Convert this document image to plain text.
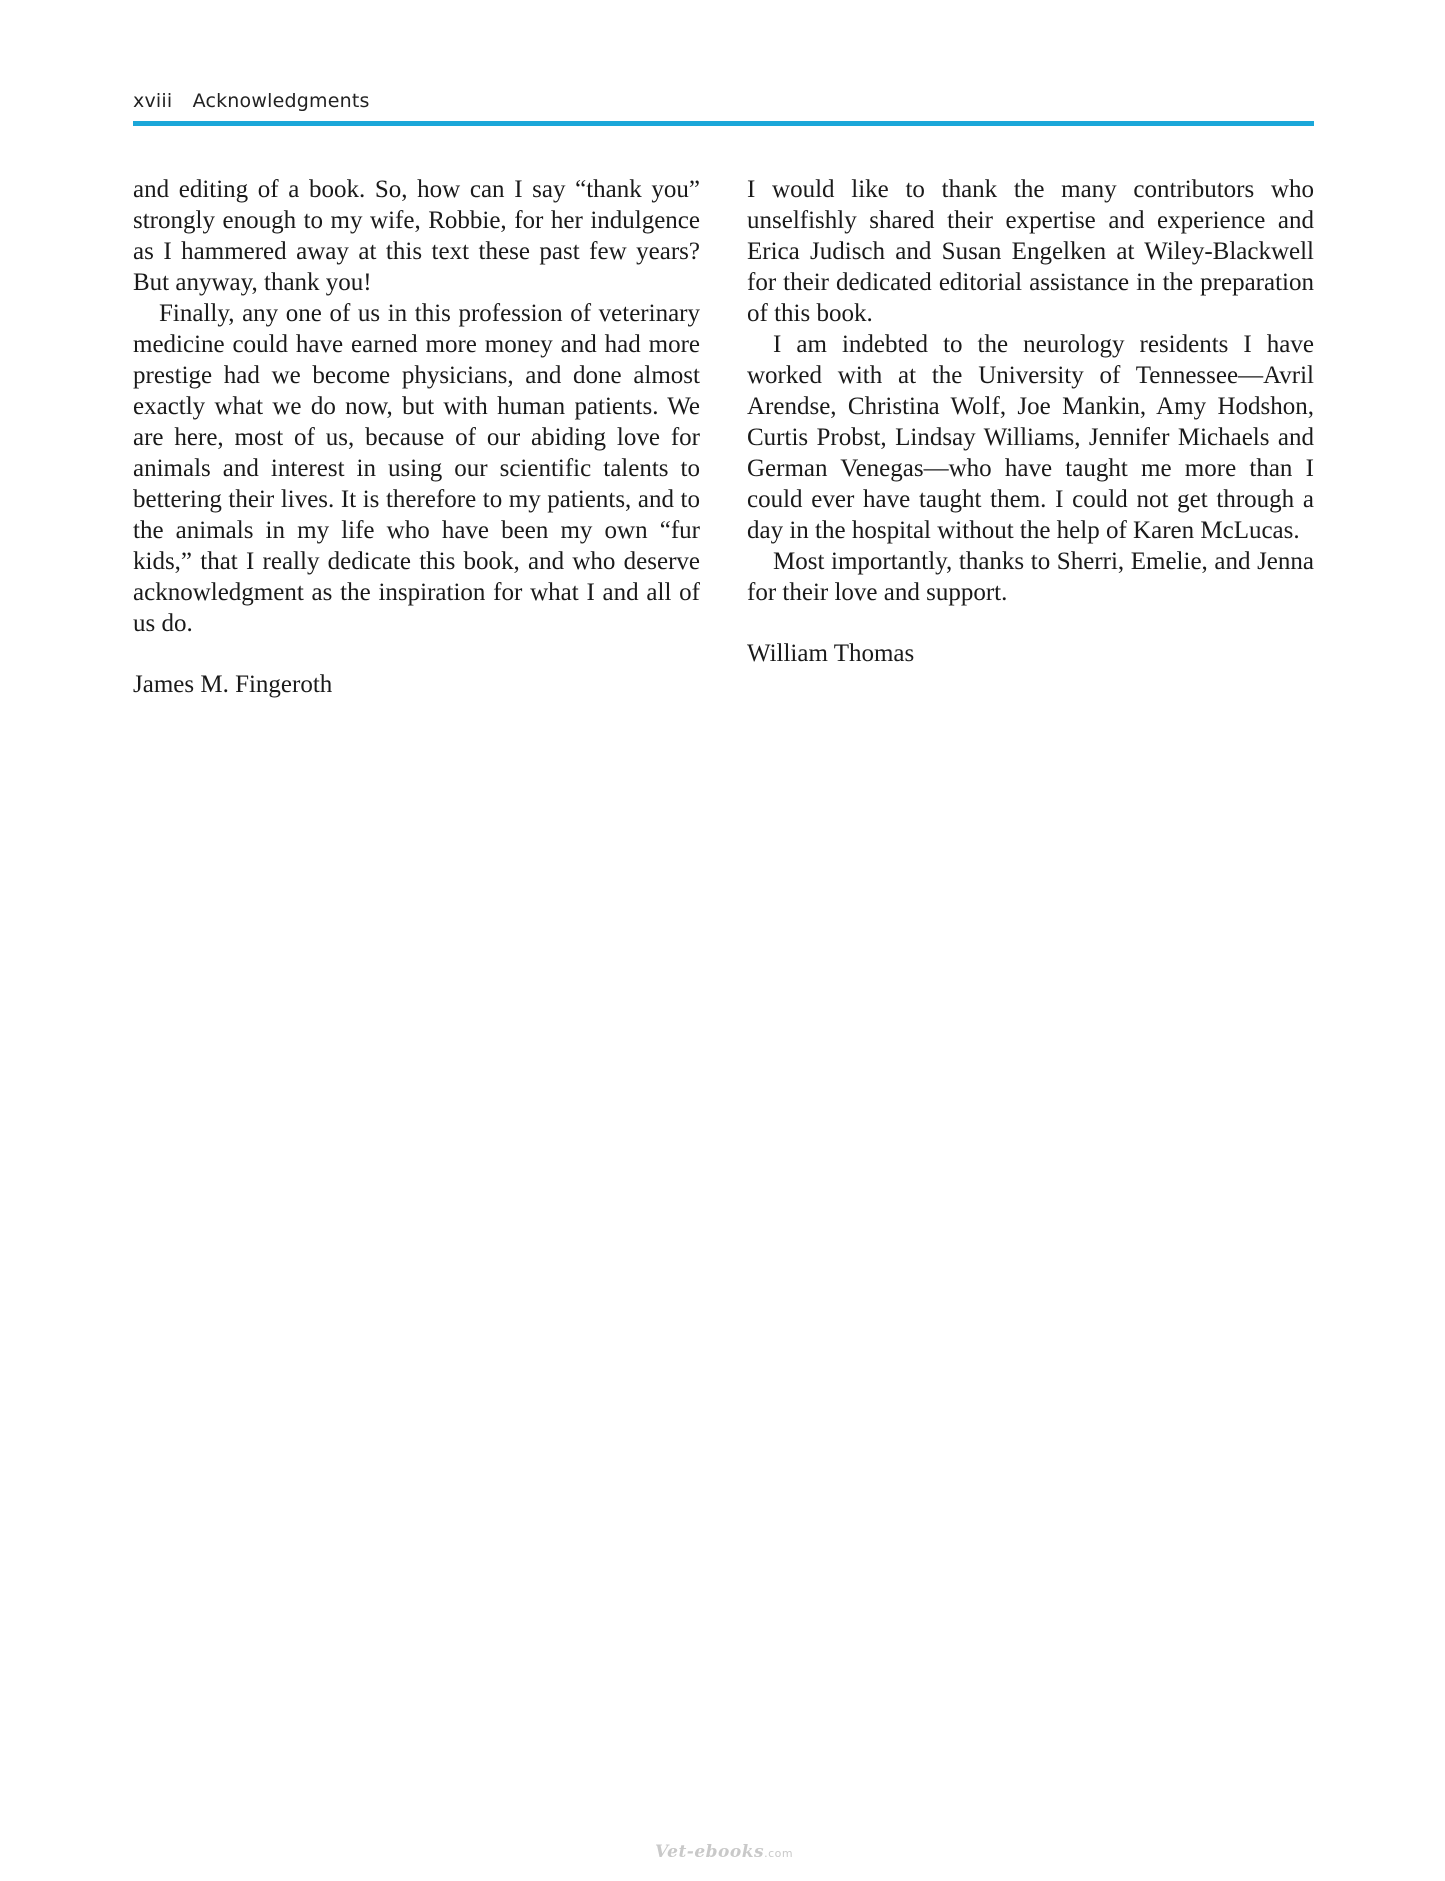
xviii Acknowledgments

and editing of a book. So, how can I say “thank you” strongly enough to my wife, Robbie, for her indulgence as I hammered away at this text these past few years? But anyway, thank you!

Finally, any one of us in this profession of veterinary medicine could have earned more money and had more prestige had we become physicians, and done almost exactly what we do now, but with human patients. We are here, most of us, because of our abiding love for animals and interest in using our scientific talents to bettering their lives. It is therefore to my patients, and to the animals in my life who have been my own “fur kids,” that I really dedicate this book, and who deserve acknowledgment as the inspiration for what I and all of us do.

James M. Fingeroth

I would like to thank the many contributors who unselfishly shared their expertise and experience and Erica Judisch and Susan Engelken at Wiley-Blackwell for their dedicated editorial assistance in the preparation of this book.

I am indebted to the neurology residents I have worked with at the University of Tennessee—Avril Arendse, Christina Wolf, Joe Mankin, Amy Hodshon, Curtis Probst, Lindsay Williams, Jennifer Michaels and German Venegas—who have taught me more than I could ever have taught them. I could not get through a day in the hospital without the help of Karen McLucas.

Most importantly, thanks to Sherri, Emelie, and Jenna for their love and support.

William Thomas

Vet-ebooks.com
